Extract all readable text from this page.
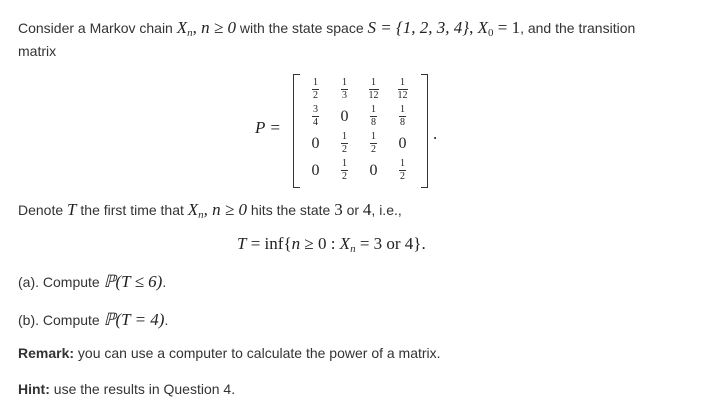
Consider a Markov chain $X_n$, n ≥ 0 with the state space S = {1, 2, 3, 4}, $X_0 = 1$, and the transition
matrix
P =
$\frac{1}{2}$	$\frac{1}{3}$	$\frac{1}{12}$	$\frac{1}{12}$

$\frac{3}{4}$	0	$\frac{1}{8}$	$\frac{1}{8}$

0	$\frac{1}{2}$	$\frac{1}{2}$	0
0	$\frac{1}{2}$	0	$\frac{1}{2}$
.
Denote T the first time that $X_n$, n ≥ 0 hits the state 3 or 4, i.e.,
T = inf{n ≥ 0 : $X_n = 3$ or 4}.
(a). Compute ℙ(T ≤ 6).
(b). Compute ℙ(T = 4).
Remark: you can use a computer to calculate the power of a matrix.
Hint: use the results in Question 4.
